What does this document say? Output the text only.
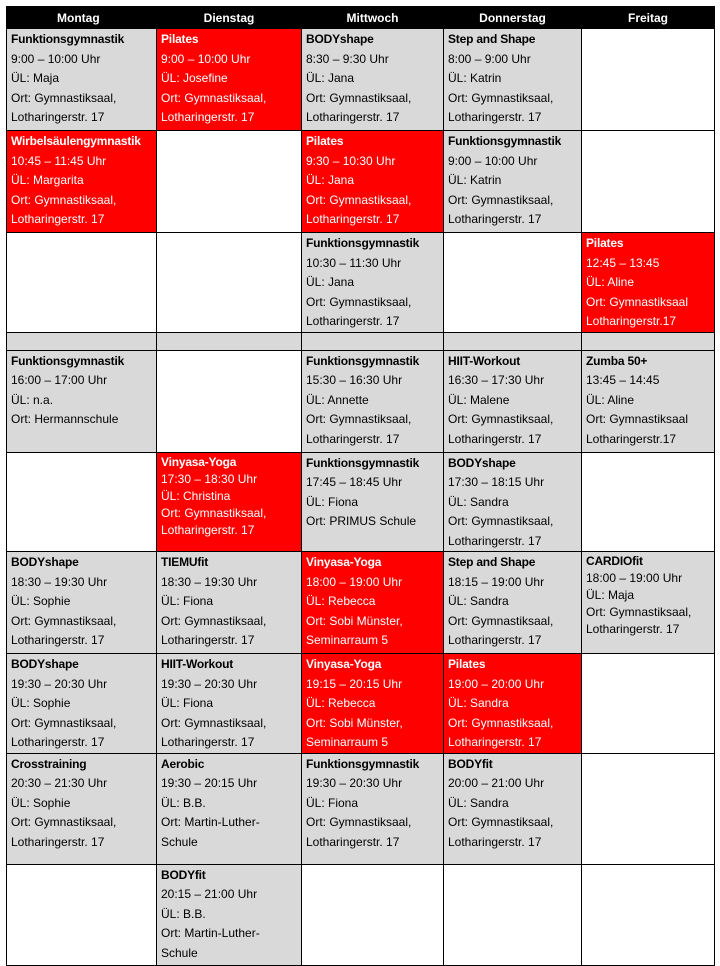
Montag	Dienstag	Mittwoch	Donnerstag	Freitag

Funktionsgymnastik
9:00 – 10:00 Uhr
ÜL: Maja
Ort: Gymnastiksaal,
Lotharingerstr. 17	Pilates
9:00 – 10:00 Uhr
ÜL: Josefine
Ort: Gymnastiksaal,
Lotharingerstr. 17	BODYshape
8:30 – 9:30 Uhr
ÜL: Jana
Ort: Gymnastiksaal,
Lotharingerstr. 17	Step and Shape
8:00 – 9:00 Uhr
ÜL: Katrin
Ort: Gymnastiksaal,
Lotharingerstr. 17	

Wirbelsäulengymnastik
10:45 – 11:45 Uhr
ÜL: Margarita
Ort: Gymnastiksaal,
Lotharingerstr. 17		Pilates
9:30 – 10:30 Uhr
ÜL: Jana
Ort: Gymnastiksaal,
Lotharingerstr. 17	Funktionsgymnastik
9:00 – 10:00 Uhr
ÜL: Katrin
Ort: Gymnastiksaal,
Lotharingerstr. 17	

		Funktionsgymnastik
10:30 – 11:30 Uhr
ÜL: Jana
Ort: Gymnastiksaal,
Lotharingerstr. 17		Pilates
12:45 – 13:45
ÜL: Aline
Ort: Gymnastiksaal
Lotharingerstr.17

Funktionsgymnastik
16:00 – 17:00 Uhr
ÜL: n.a.
Ort: Hermannschule		Funktionsgymnastik
15:30 – 16:30 Uhr
ÜL: Annette
Ort: Gymnastiksaal,
Lotharingerstr. 17	HIIT-Workout
16:30 – 17:30 Uhr
ÜL: Malene
Ort: Gymnastiksaal,
Lotharingerstr. 17	Zumba 50+
13:45 – 14:45
ÜL: Aline
Ort: Gymnastiksaal
Lotharingerstr.17

	Vinyasa-Yoga
17:30 – 18:30 Uhr
ÜL: Christina
Ort: Gymnastiksaal,
Lotharingerstr. 17	Funktionsgymnastik
17:45 – 18:45 Uhr
ÜL: Fiona
Ort: PRIMUS Schule	BODYshape
17:30 – 18:15 Uhr
ÜL: Sandra
Ort: Gymnastiksaal,
Lotharingerstr. 17	

BODYshape
18:30 – 19:30 Uhr
ÜL: Sophie
Ort: Gymnastiksaal,
Lotharingerstr. 17	TIEMUfit
18:30 – 19:30 Uhr
ÜL: Fiona
Ort: Gymnastiksaal,
Lotharingerstr. 17	Vinyasa-Yoga
18:00 – 19:00 Uhr
ÜL: Rebecca
Ort: Sobi Münster,
Seminarraum 5	Step and Shape
18:15 – 19:00 Uhr
ÜL: Sandra
Ort: Gymnastiksaal,
Lotharingerstr. 17	CARDIOfit
18:00 – 19:00 Uhr
ÜL: Maja
Ort: Gymnastiksaal,
Lotharingerstr. 17

BODYshape
19:30 – 20:30 Uhr
ÜL: Sophie
Ort: Gymnastiksaal,
Lotharingerstr. 17	HIIT-Workout
19:30 – 20:30 Uhr
ÜL: Fiona
Ort: Gymnastiksaal,
Lotharingerstr. 17	Vinyasa-Yoga
19:15 – 20:15 Uhr
ÜL: Rebecca
Ort: Sobi Münster,
Seminarraum 5	Pilates
19:00 – 20:00 Uhr
ÜL: Sandra
Ort: Gymnastiksaal,
Lotharingerstr. 17	

Crosstraining
20:30 – 21:30 Uhr
ÜL: Sophie
Ort: Gymnastiksaal,
Lotharingerstr. 17	Aerobic
19:30 – 20:15 Uhr
ÜL: B.B.
Ort: Martin-Luther-
Schule	Funktionsgymnastik
19:30 – 20:30 Uhr
ÜL: Fiona
Ort: Gymnastiksaal,
Lotharingerstr. 17	BODYfit
20:00 – 21:00 Uhr
ÜL: Sandra
Ort: Gymnastiksaal,
Lotharingerstr. 17	

	BODYfit
20:15 – 21:00 Uhr
ÜL: B.B.
Ort: Martin-Luther-
Schule			
